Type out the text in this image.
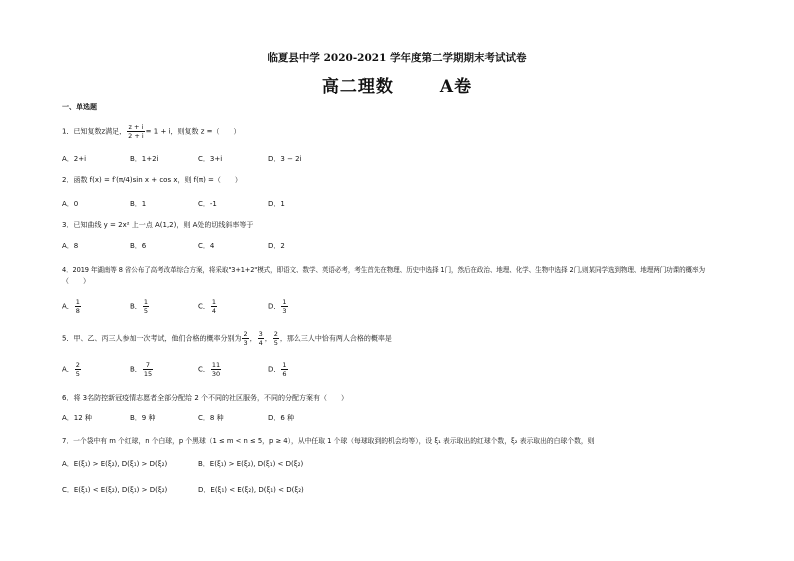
临夏县中学 2020-2021 学年度第二学期期末考试试卷
高二理数	A卷
一、单选题
1．已知复数z满足， $\frac{z + i}{2 + i} = 1 + i$，则复数 z =（　　）
A．2+i	B．1+2i	C．3+i	D．3 − 2i
2．函数 f(x) = f′(π/4)sin x + cos x，则 f(π) =（　　）
A．0	B．1	C．-1	D．1
3．已知曲线 y = 2x² 上一点 A(1,2)，则 A处的切线斜率等于
A．8	B．6	C．4	D．2
4．2019 年湖南等 8 省公布了高考改革综合方案，将采取"3+1+2"模式，即语文、数学、英语必考，考生首先在物理、历史中选择 1门，然后在政治、地理、化学、生物中选择 2门,则某同学选到物理、地理两门功课的概率为
（　　）
A． $\frac{1}{8}$	B． $\frac{1}{5}$	C． $\frac{1}{4}$	D． $\frac{1}{3}$
5．甲、乙、丙三人参加一次考试，他们合格的概率分别为 $\frac{2}{3}$ ， $\frac{3}{4}$ ， $\frac{2}{5}$ ，那么三人中恰有两人合格的概率是
A． $\frac{2}{5}$	B． $\frac{7}{15}$	C． $\frac{11}{30}$	D． $\frac{1}{6}$
6．将 3名防控新冠疫情志愿者全部分配给 2 个不同的社区服务，不同的分配方案有（　　）
A．12 种	B．9 种	C．8 种	D．6 种
7．一个袋中有 m 个红球，n 个白球，p 个黑球（1 ≤ m < n ≤ 5，p ≥ 4），从中任取 1 个球（每球取到的机会均等），设 ξ₁ 表示取出的红球个数，ξ₂ 表示取出的白球个数，则
A．E(ξ₁) > E(ξ₂), D(ξ₁) > D(ξ₂)	B．E(ξ₁) > E(ξ₂), D(ξ₁) < D(ξ₂)
C．E(ξ₁) < E(ξ₂), D(ξ₁) > D(ξ₂)	D．E(ξ₁) < E(ξ₂), D(ξ₁) < D(ξ₂)
